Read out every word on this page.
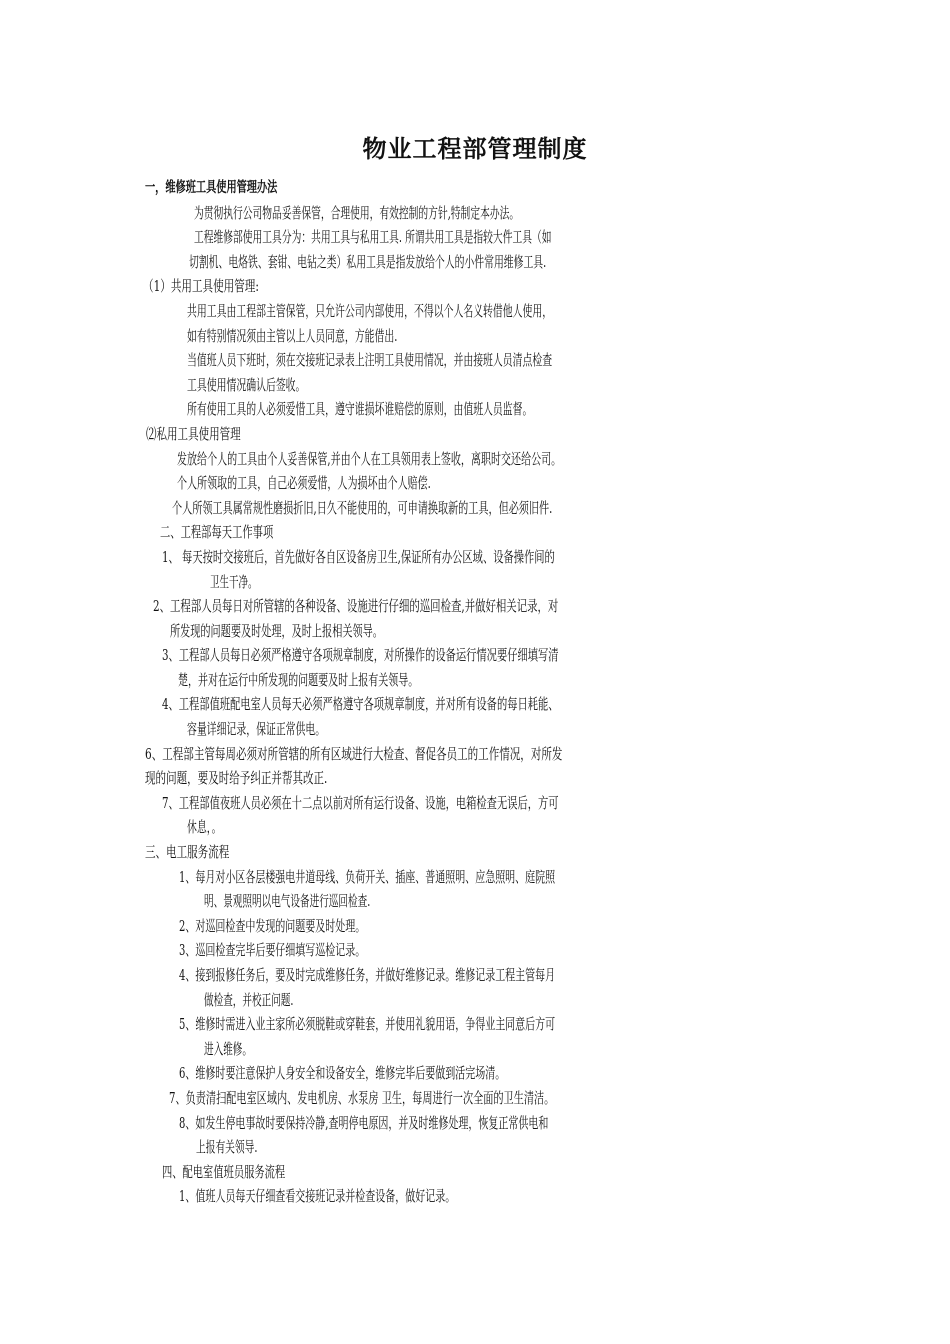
物业工程部管理制度
一，维修班工具使用管理办法
为贯彻执行公司物品妥善保管，合理使用，有效控制的方针,特制定本办法。
工程维修部使用工具分为：共用工具与私用工具. 所谓共用工具是指较大件工具（如
切割机、电烙铁、套钳、电钻之类）私用工具是指发放给个人的小件常用维修工具.
（1）共用工具使用管理:
共用工具由工程部主管保管，只允许公司内部使用，不得以个人名义转借他人使用，
如有特别情况须由主管以上人员同意，方能借出.
当值班人员下班时，须在交接班记录表上注明工具使用情况，并由接班人员清点检查
工具使用情况确认后签收。
所有使用工具的人必须爱惜工具，遵守谁损坏谁赔偿的原则，由值班人员监督。
⑵私用工具使用管理
发放给个人的工具由个人妥善保管,并由个人在工具领用表上签收，离职时交还给公司。
个人所领取的工具，自己必须爱惜，人为损坏由个人赔偿.
个人所领工具属常规性磨损折旧,日久不能使用的，可申请换取新的工具，但必须旧件.
二、工程部每天工作事项
1、 每天按时交接班后，首先做好各自区设备房卫生,保证所有办公区域、设备操作间的
卫生干净。
2、工程部人员每日对所管辖的各种设备、设施进行仔细的巡回检查,并做好相关记录，对
所发现的问题要及时处理，及时上报相关领导。
3、工程部人员每日必须严格遵守各项规章制度，对所操作的设备运行情况要仔细填写清
楚，并对在运行中所发现的问题要及时上报有关领导。
4、工程部值班配电室人员每天必须严格遵守各项规章制度，并对所有设备的每日耗能、
容量详细记录，保证正常供电。
6、工程部主管每周必须对所管辖的所有区域进行大检查、督促各员工的工作情况，对所发
现的问题，要及时给予纠正并帮其改正.
7、工程部值夜班人员必须在十二点以前对所有运行设备、设施，电箱检查无误后，方可
休息，。
三、电工服务流程
1、每月对小区各层楼强电井道母线、负荷开关、插座、普通照明、应急照明、庭院照
明、景观照明以电气设备进行巡回检查.
2、对巡回检查中发现的问题要及时处理。
3、巡回检查完毕后要仔细填写巡检记录。
4、接到报修任务后，要及时完成维修任务，并做好维修记录。维修记录工程主管每月
做检查，并校正问题.
5、维修时需进入业主家所必须脱鞋或穿鞋套，并使用礼貌用语，争得业主同意后方可
进入维修。
6、维修时要注意保护人身安全和设备安全，维修完毕后要做到活完场清。
7、负责清扫配电室区域内、发电机房、水泵房 卫生，每周进行一次全面的卫生清洁。
8、如发生停电事故时要保持冷静,查明停电原因，并及时维修处理，恢复正常供电和
上报有关领导.
四、配电室值班员服务流程
1、值班人员每天仔细查看交接班记录并检查设备，做好记录。
